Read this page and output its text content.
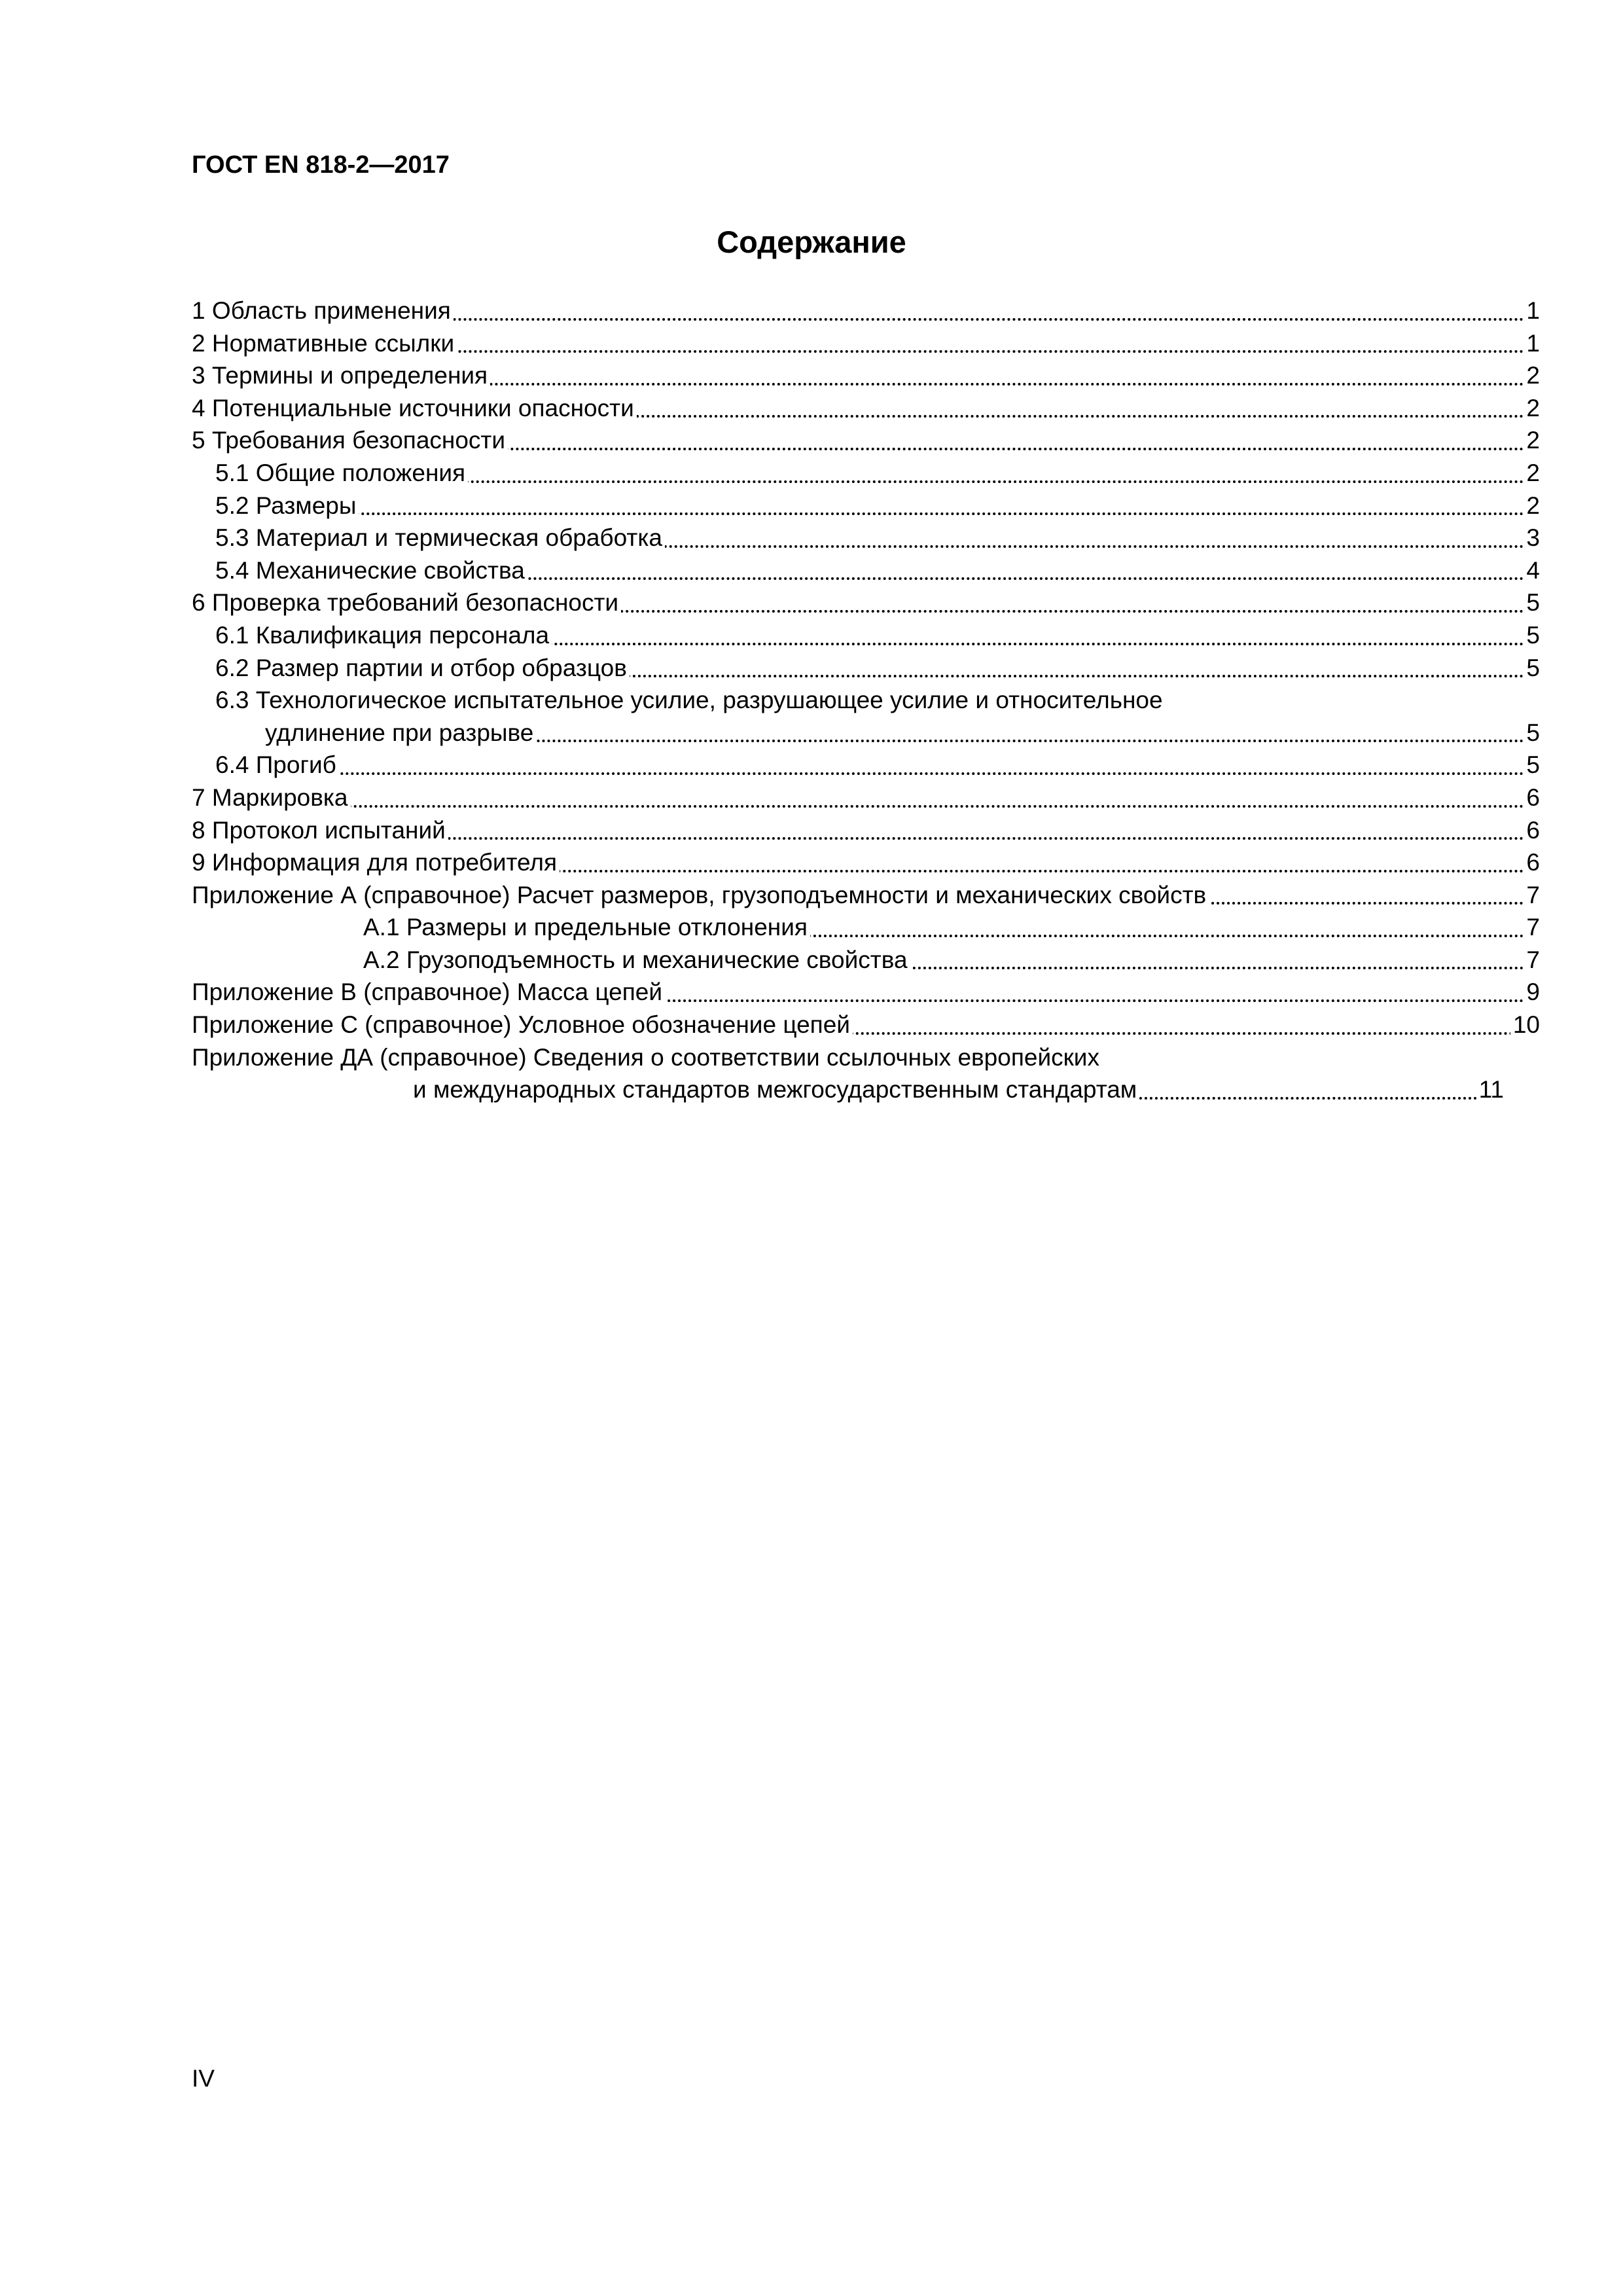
ГОСТ EN 818-2—2017
Содержание
1 Область применения	1
2 Нормативные ссылки	1
3 Термины и определения	2
4 Потенциальные источники опасности	2
5 Требования безопасности	2
5.1 Общие положения	2
5.2 Размеры	2
5.3 Материал и термическая обработка	3
5.4 Механические свойства	4
6 Проверка требований безопасности	5
6.1 Квалификация персонала	5
6.2 Размер партии и отбор образцов	5
6.3 Технологическое испытательное усилие, разрушающее усилие и относительное
удлинение при разрыве	5
6.4 Прогиб	5
7 Маркировка	6
8 Протокол испытаний	6
9 Информация для потребителя	6
Приложение А (справочное) Расчет размеров, грузоподъемности и механических свойств	7
А.1 Размеры и предельные отклонения	7
А.2 Грузоподъемность и механические свойства	7
Приложение В (справочное) Масса цепей	9
Приложение С (справочное) Условное обозначение цепей	10
Приложение ДА (справочное) Сведения о соответствии ссылочных европейских
и международных стандартов межгосударственным стандартам	11
IV
